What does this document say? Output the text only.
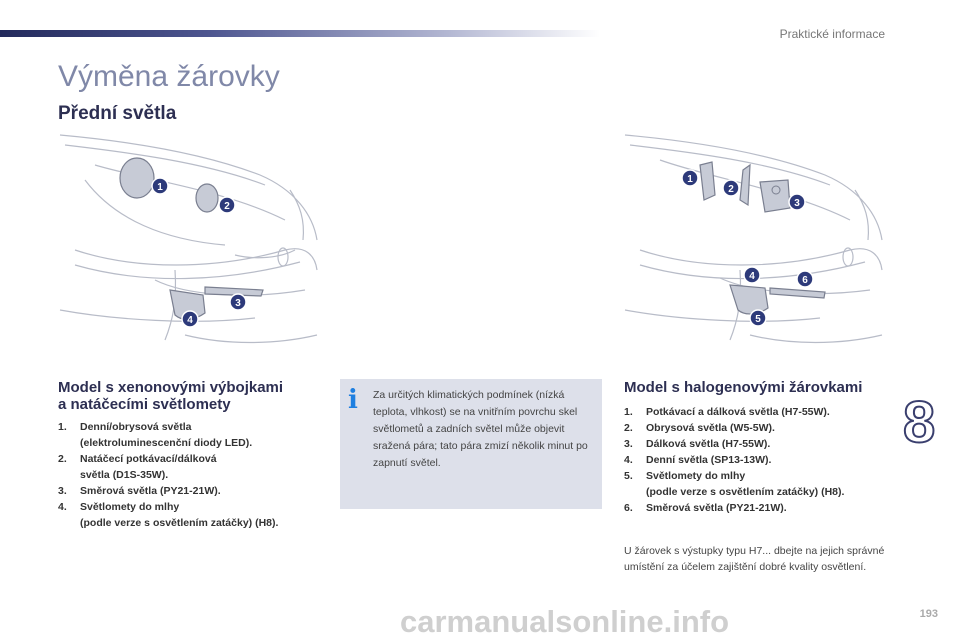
Praktické informace
Výměna žárovky
Přední světla
1
2
3
4
1
2
3
4
5
6
Model s xenonovými výbojkami
a natáčecími světlomety
1. Denní/obrysová světla
(elektroluminescenční diody LED).
2. Natáčecí potkávací/dálková
světla (D1S-35W).
3. Směrová světla (PY21-21W).
4. Světlomety do mlhy
(podle verze s osvětlením zatáčky) (H8).
i Za určitých klimatických podmínek (nízká teplota, vlhkost) se na vnitřním povrchu skel světlometů a zadních světel může objevit sražená pára; tato pára zmizí několik minut po zapnutí světel.
Model s halogenovými žárovkami
1. Potkávací a dálková světla (H7-55W).
2. Obrysová světla (W5-5W).
3. Dálková světla (H7-55W).
4. Denní světla (SP13-13W).
5. Světlomety do mlhy
(podle verze s osvětlením zatáčky) (H8).
6. Směrová světla (PY21-21W).
U žárovek s výstupky typu H7... dbejte na jejich správné umístění za účelem zajištění dobré kvality osvětlení.
8
193
carmanualsonline.info
